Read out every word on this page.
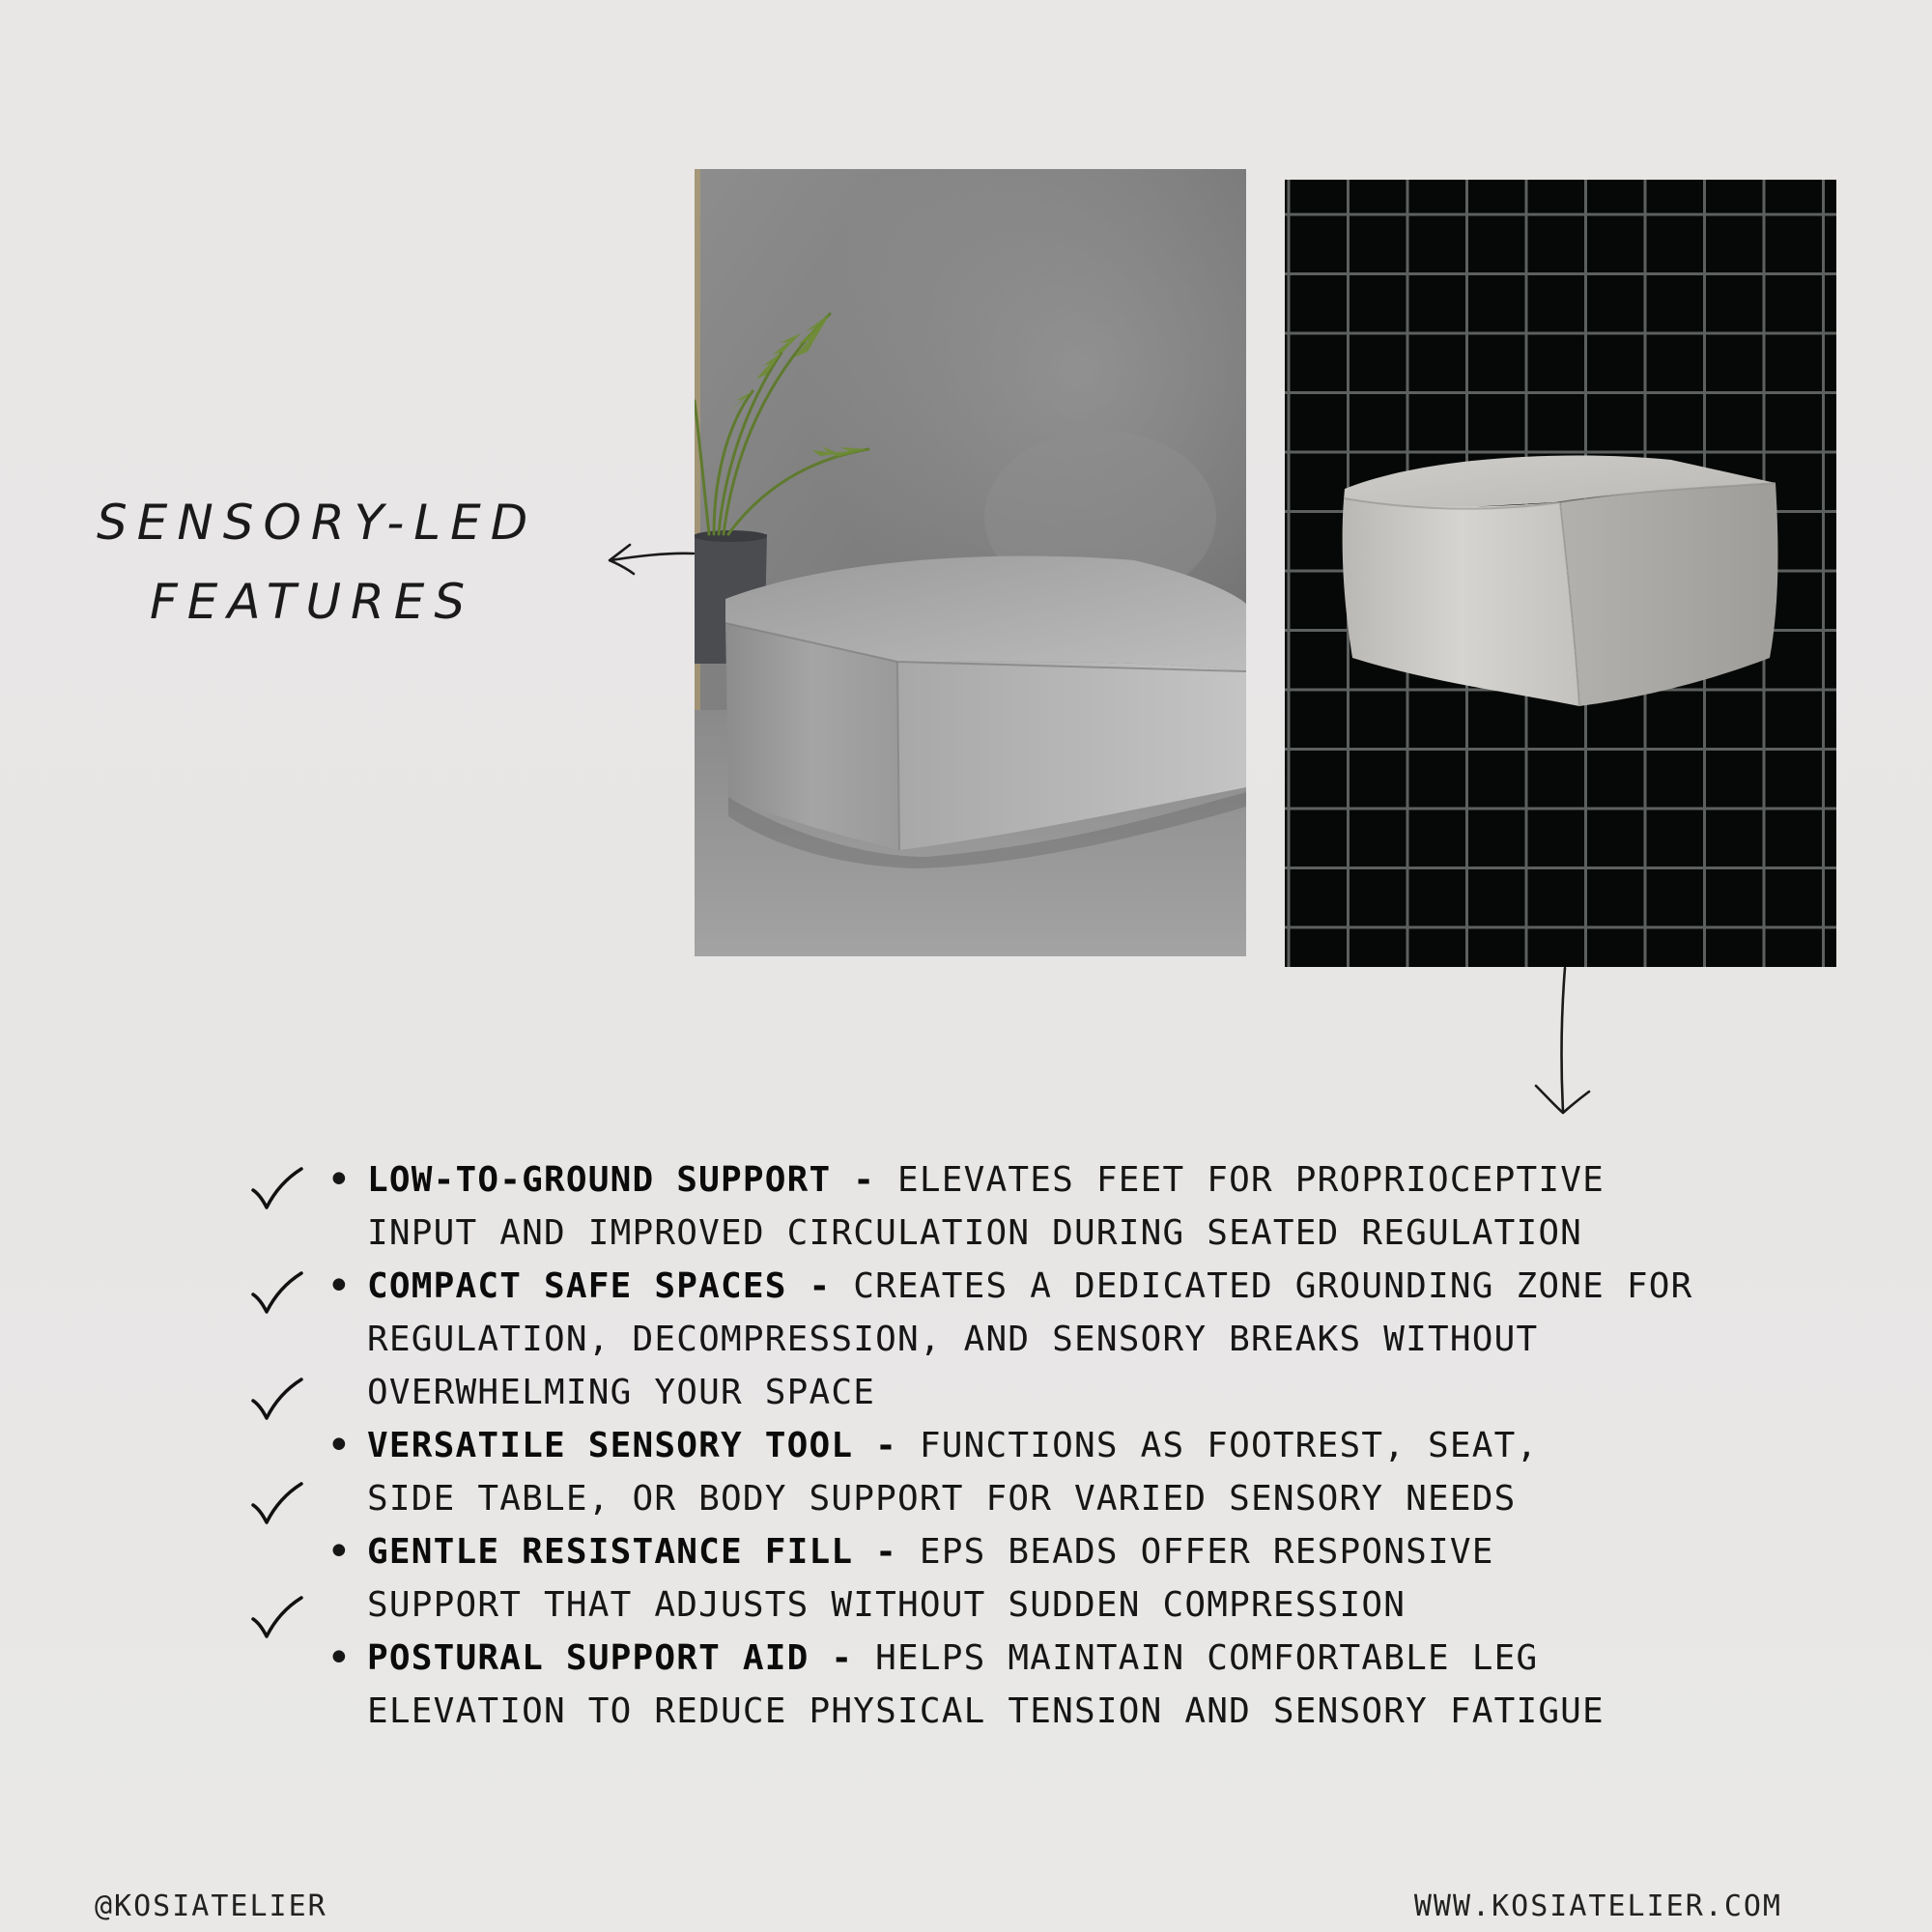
SENSORY-LED
FEATURES
• LOW-TO-GROUND SUPPORT - ELEVATES FEET FOR PROPRIOCEPTIVE INPUT AND IMPROVED CIRCULATION DURING SEATED REGULATION
• COMPACT SAFE SPACES - CREATES A DEDICATED GROUNDING ZONE FOR REGULATION, DECOMPRESSION, AND SENSORY BREAKS WITHOUT OVERWHELMING YOUR SPACE
• VERSATILE SENSORY TOOL - FUNCTIONS AS FOOTREST, SEAT, SIDE TABLE, OR BODY SUPPORT FOR VARIED SENSORY NEEDS
• GENTLE RESISTANCE FILL - EPS BEADS OFFER RESPONSIVE SUPPORT THAT ADJUSTS WITHOUT SUDDEN COMPRESSION
• POSTURAL SUPPORT AID - HELPS MAINTAIN COMFORTABLE LEG ELEVATION TO REDUCE PHYSICAL TENSION AND SENSORY FATIGUE
@KOSIATELIER	WWW.KOSIATELIER.COM
